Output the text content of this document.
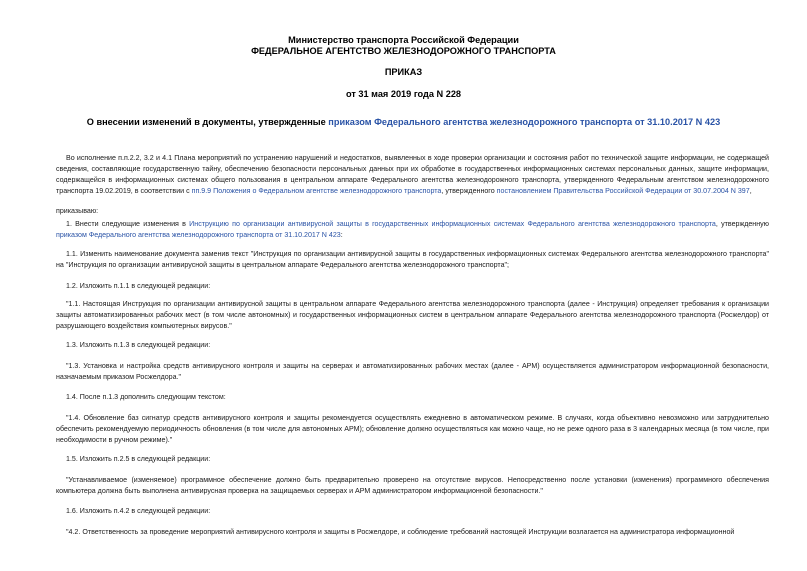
Министерство транспорта Российской Федерации
ФЕДЕРАЛЬНОЕ АГЕНТСТВО ЖЕЛЕЗНОДОРОЖНОГО ТРАНСПОРТА
ПРИКАЗ
от 31 мая 2019 года N 228
О внесении изменений в документы, утвержденные приказом Федерального агентства железнодорожного транспорта от 31.10.2017 N 423

Во исполнение п.п.2.2, 3.2 и 4.1 Плана мероприятий по устранению нарушений и недостатков, выявленных в ходе проверки организации и состояния работ по технической защите информации, не содержащей сведения, составляющие государственную тайну, обеспечению безопасности персональных данных при их обработке в государственных информационных системах персональных данных, защите информации, содержащейся в информационных системах общего пользования в центральном аппарате Федерального агентства железнодорожного транспорта, утвержденного Федеральным агентством железнодорожного транспорта 19.02.2019, в соответствии с пп.9.9 Положения о Федеральном агентстве железнодорожного транспорта, утвержденного постановлением Правительства Российской Федерации от 30.07.2004 N 397,

приказываю:

1. Внести следующие изменения в Инструкцию по организации антивирусной защиты в государственных информационных системах Федерального агентства железнодорожного транспорта, утвержденную приказом Федерального агентства железнодорожного транспорта от 31.10.2017 N 423:

1.1. Изменить наименование документа заменив текст "Инструкция по организации антивирусной защиты в государственных информационных системах Федерального агентства железнодорожного транспорта" на "Инструкция по организации антивирусной защиты в центральном аппарате Федерального агентства железнодорожного транспорта";

1.2. Изложить п.1.1 в следующей редакции:

"1.1. Настоящая Инструкция по организации антивирусной защиты в центральном аппарате Федерального агентства железнодорожного транспорта (далее - Инструкция) определяет требования к организации защиты автоматизированных рабочих мест (в том числе автономных) и государственных информационных систем в центральном аппарате Федерального агентства железнодорожного транспорта (Росжелдор) от разрушающего воздействия компьютерных вирусов."

1.3. Изложить п.1.3 в следующей редакции:

"1.3. Установка и настройка средств антивирусного контроля и защиты на серверах и автоматизированных рабочих местах (далее - АРМ) осуществляется администратором информационной безопасности, назначаемым приказом Росжелдора."

1.4. После п.1.3 дополнить следующим текстом:

"1.4. Обновление баз сигнатур средств антивирусного контроля и защиты рекомендуется осуществлять ежедневно в автоматическом режиме. В случаях, когда объективно невозможно или затруднительно обеспечить рекомендуемую периодичность обновления (в том числе для автономных АРМ); обновление должно осуществляться как можно чаще, но не реже одного раза в 3 календарных месяца (в том числе, при необходимости в ручном режиме)."

1.5. Изложить п.2.5 в следующей редакции:

"Устанавливаемое (изменяемое) программное обеспечение должно быть предварительно проверено на отсутствие вирусов. Непосредственно после установки (изменения) программного обеспечения компьютера должна быть выполнена антивирусная проверка на защищаемых серверах и АРМ администратором информационной безопасности."

1.6. Изложить п.4.2 в следующей редакции:

"4.2. Ответственность за проведение мероприятий антивирусного контроля и защиты в Росжелдоре, и соблюдение требований настоящей Инструкции возлагается на администратора информационной
